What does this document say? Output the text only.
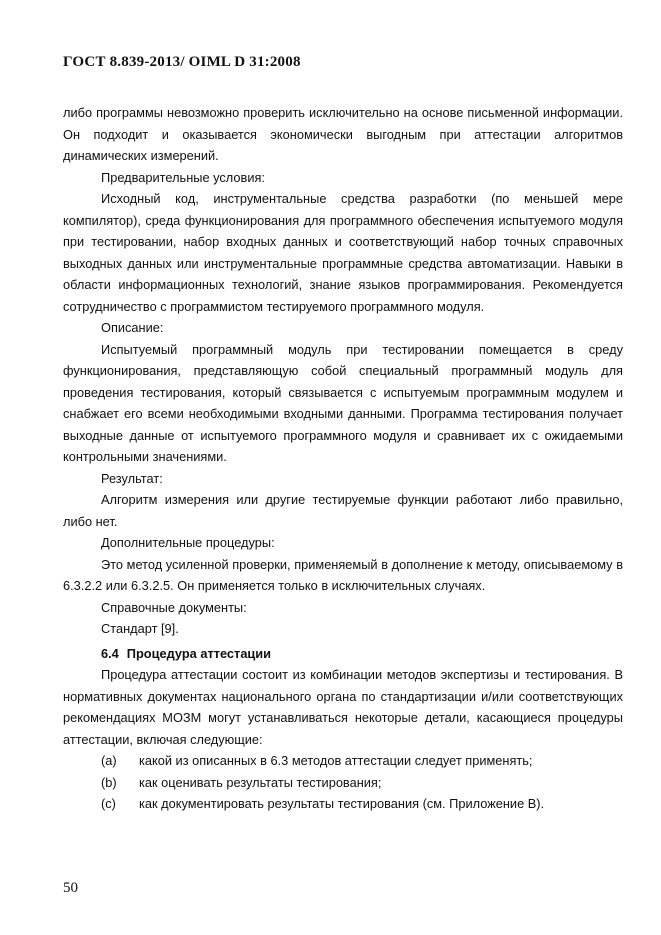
ГОСТ 8.839-2013/ OIML D 31:2008

либо программы невозможно проверить исключительно на основе письменной информации. Он подходит и оказывается экономически выгодным при аттестации алгоритмов динамических измерений.

Предварительные условия:

Исходный код, инструментальные средства разработки (по меньшей мере компилятор), среда функционирования для программного обеспечения испытуемого модуля при тестировании, набор входных данных и соответствующий набор точных справочных выходных данных или инструментальные программные средства автоматизации. Навыки в области информационных технологий, знание языков программирования. Рекомендуется сотрудничество с программистом тестируемого программного модуля.

Описание:

Испытуемый программный модуль при тестировании помещается в среду функционирования, представляющую собой специальный программный модуль для проведения тестирования, который связывается с испытуемым программным модулем и снабжает его всеми необходимыми входными данными. Программа тестирования получает выходные данные от испытуемого программного модуля и сравнивает их с ожидаемыми контрольными значениями.

Результат:

Алгоритм измерения или другие тестируемые функции работают либо правильно, либо нет.

Дополнительные процедуры:

Это метод усиленной проверки, применяемый в дополнение к методу, описываемому в 6.3.2.2 или 6.3.2.5. Он применяется только в исключительных случаях.

Справочные документы:

Стандарт [9].

6.4 Процедура аттестации

Процедура аттестации состоит из комбинации методов экспертизы и тестирования. В нормативных документах национального органа по стандартизации и/или соответствующих рекомендациях МОЗМ могут устанавливаться некоторые детали, касающиеся процедуры аттестации, включая следующие:

(a)	какой из описанных в 6.3 методов аттестации следует применять;
(b)	как оценивать результаты тестирования;
(c)	как документировать результаты тестирования (см. Приложение В).
50
